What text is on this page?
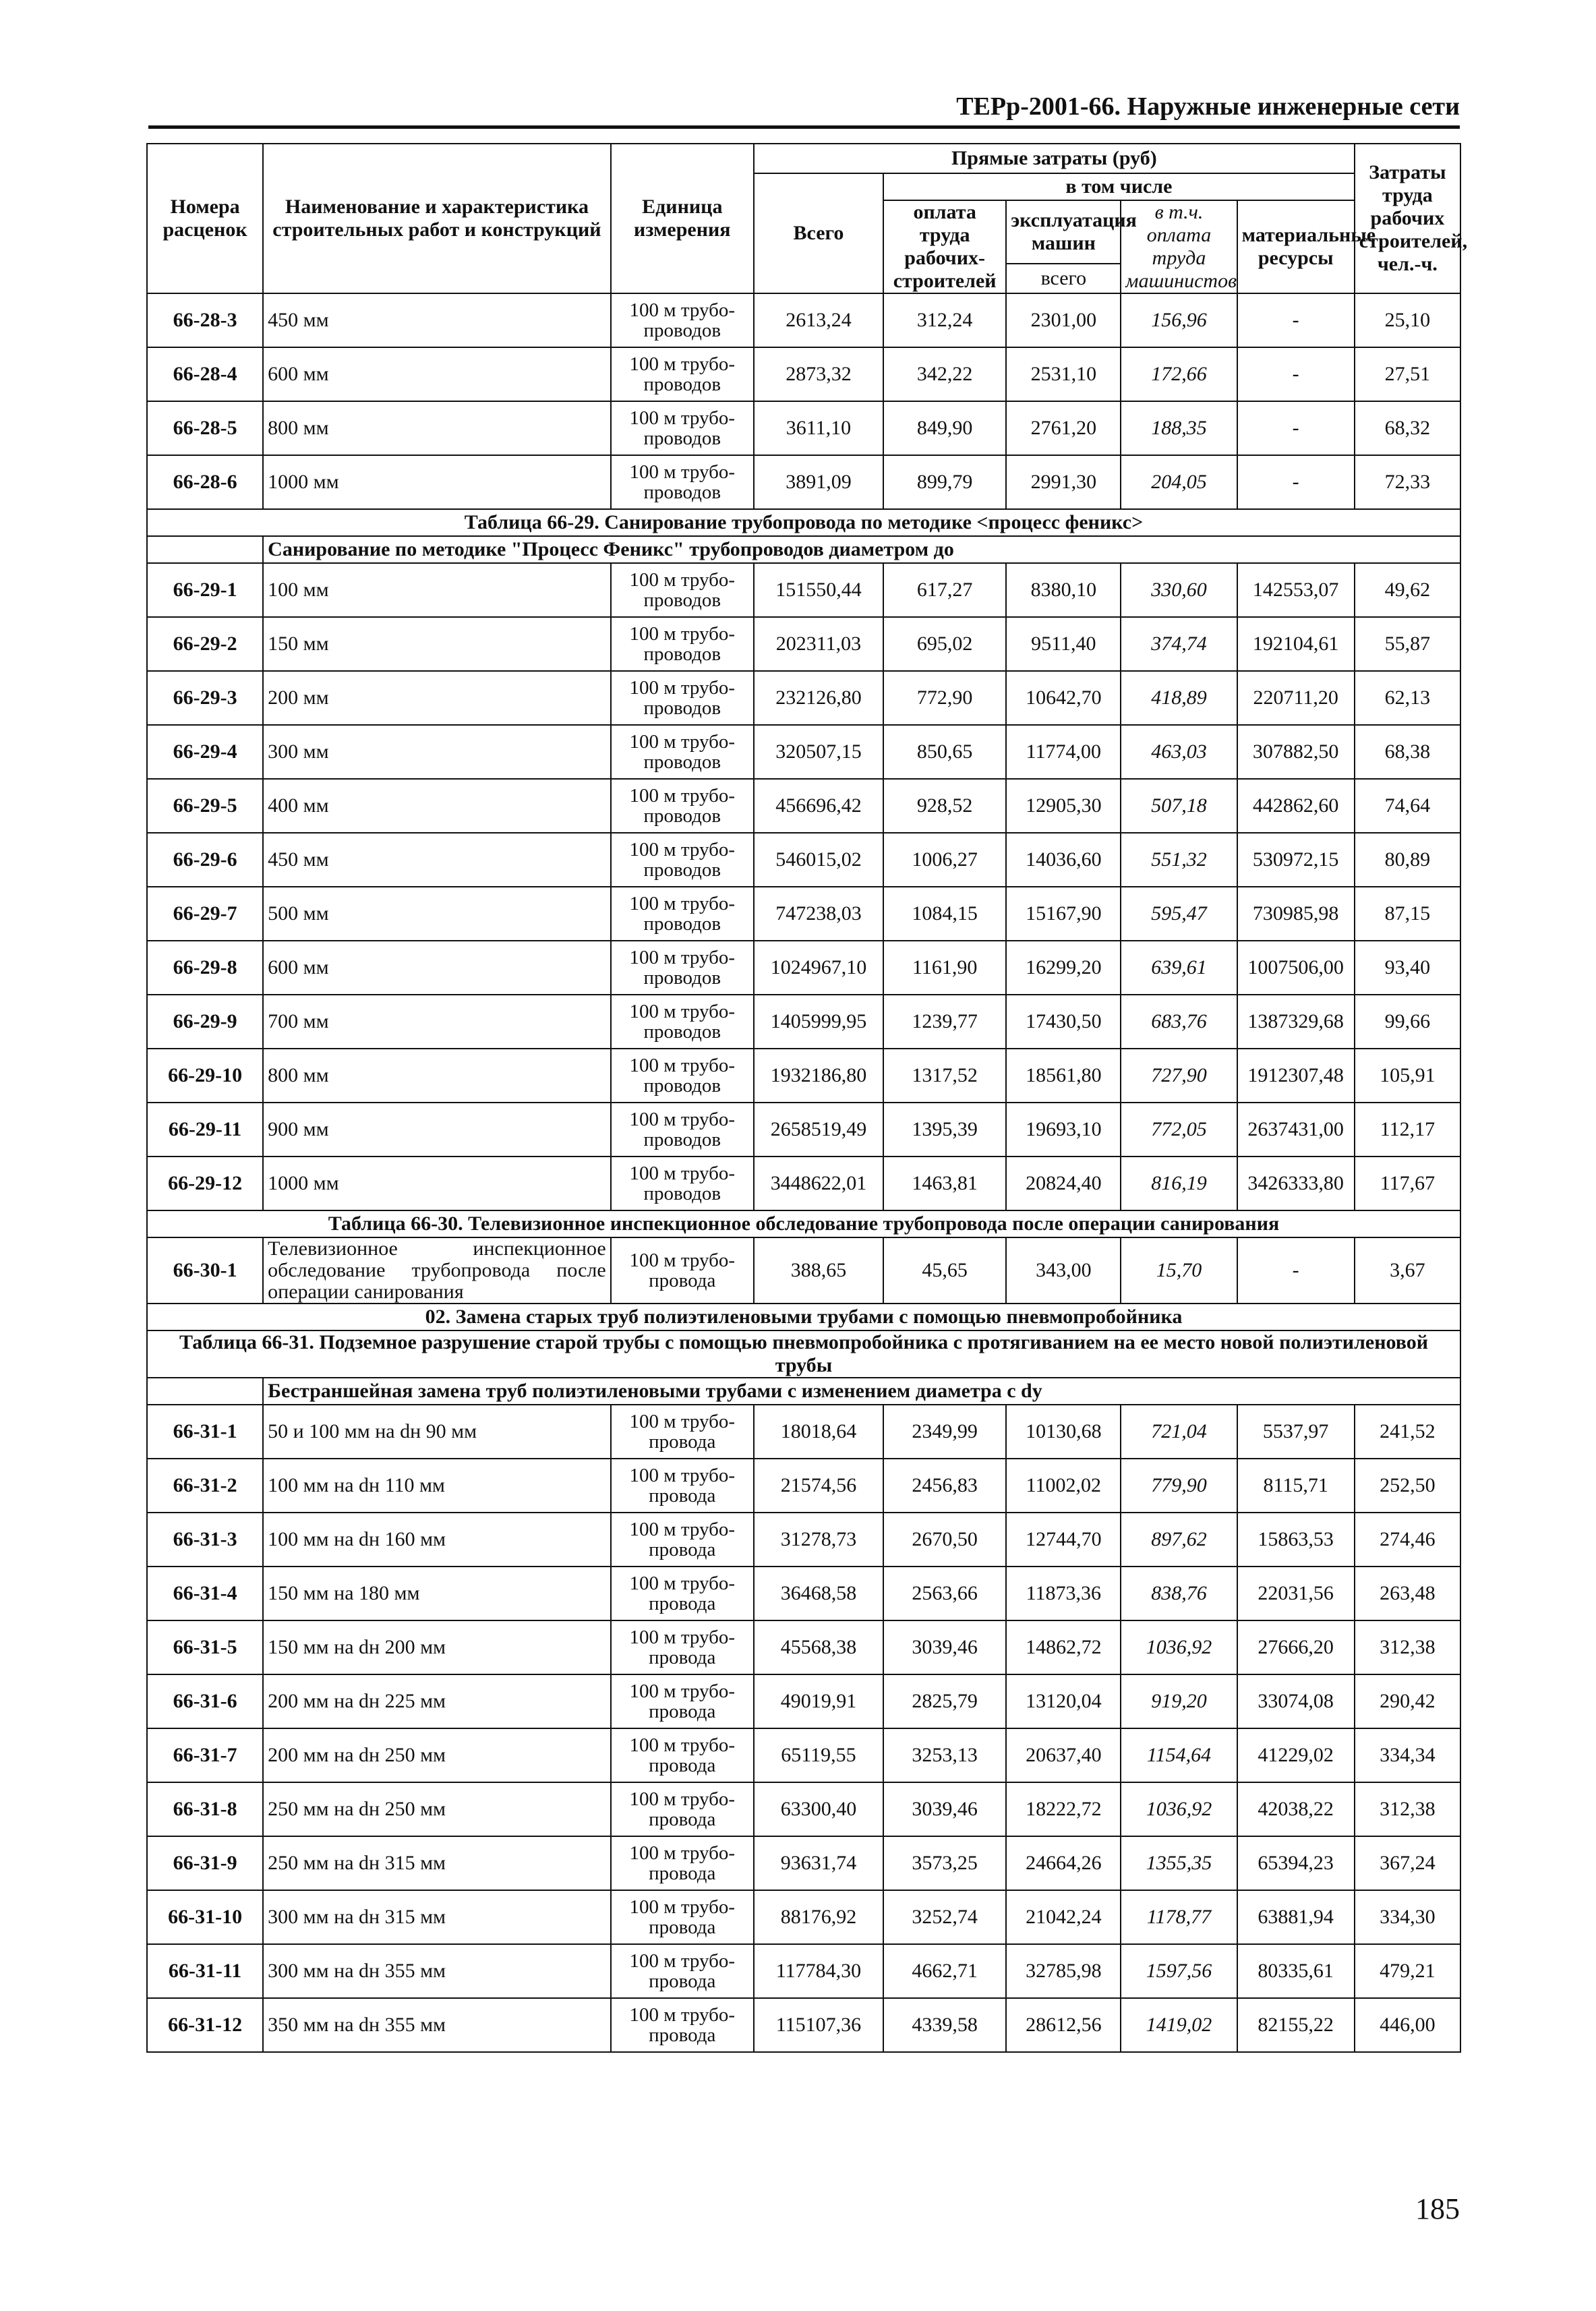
ТЕРр-2001-66. Наружные инженерные сети
Номера расценок	Наименование и характеристика строительных работ и конструкций	Единица измерения	Прямые затраты (руб)					Затраты труда рабочих строителей, чел.-ч.
			Всего	в том числе				
				оплата труда рабочих-строителей	эксплуатация машин	в т.ч. оплата труда машинистов	материальные ресурсы	
					всего			
66-28-3	450 мм	100 м трубо- проводов	2613,24	312,24	2301,00	156,96	-	25,10
66-28-4	600 мм	100 м трубо- проводов	2873,32	342,22	2531,10	172,66	-	27,51
66-28-5	800 мм	100 м трубо- проводов	3611,10	849,90	2761,20	188,35	-	68,32
66-28-6	1000 мм	100 м трубо- проводов	3891,09	899,79	2991,30	204,05	-	72,33
Таблица 66-29. Санирование трубопровода по методике <процесс феникс>								
	Санирование по методике "Процесс Феникс" трубопроводов диаметром до							
66-29-1	100 мм	100 м трубо- проводов	151550,44	617,27	8380,10	330,60	142553,07	49,62
66-29-2	150 мм	100 м трубо- проводов	202311,03	695,02	9511,40	374,74	192104,61	55,87
66-29-3	200 мм	100 м трубо- проводов	232126,80	772,90	10642,70	418,89	220711,20	62,13
66-29-4	300 мм	100 м трубо- проводов	320507,15	850,65	11774,00	463,03	307882,50	68,38
66-29-5	400 мм	100 м трубо- проводов	456696,42	928,52	12905,30	507,18	442862,60	74,64
66-29-6	450 мм	100 м трубо- проводов	546015,02	1006,27	14036,60	551,32	530972,15	80,89
66-29-7	500 мм	100 м трубо- проводов	747238,03	1084,15	15167,90	595,47	730985,98	87,15
66-29-8	600 мм	100 м трубо- проводов	1024967,10	1161,90	16299,20	639,61	1007506,00	93,40
66-29-9	700 мм	100 м трубо- проводов	1405999,95	1239,77	17430,50	683,76	1387329,68	99,66
66-29-10	800 мм	100 м трубо- проводов	1932186,80	1317,52	18561,80	727,90	1912307,48	105,91
66-29-11	900 мм	100 м трубо- проводов	2658519,49	1395,39	19693,10	772,05	2637431,00	112,17
66-29-12	1000 мм	100 м трубо- проводов	3448622,01	1463,81	20824,40	816,19	3426333,80	117,67
Таблица 66-30. Телевизионное инспекционное обследование трубопровода после операции санирования								
66-30-1	Телевизионное инспекционное обследование трубопровода после операции санирования	100 м трубо- провода	388,65	45,65	343,00	15,70	-	3,67
02. Замена старых труб полиэтиленовыми трубами с помощью пневмопробойника								
Таблица 66-31. Подземное разрушение старой трубы с помощью пневмопробойника с протягиванием на ее место новой полиэтиленовой трубы								
	Бестраншейная замена труб полиэтиленовыми трубами с изменением диаметра с dу							
66-31-1	50 и 100 мм на dн 90 мм	100 м трубо- провода	18018,64	2349,99	10130,68	721,04	5537,97	241,52
66-31-2	100 мм на dн 110 мм	100 м трубо- провода	21574,56	2456,83	11002,02	779,90	8115,71	252,50
66-31-3	100 мм на dн 160 мм	100 м трубо- провода	31278,73	2670,50	12744,70	897,62	15863,53	274,46
66-31-4	150 мм на 180 мм	100 м трубо- провода	36468,58	2563,66	11873,36	838,76	22031,56	263,48
66-31-5	150 мм на dн 200 мм	100 м трубо- провода	45568,38	3039,46	14862,72	1036,92	27666,20	312,38
66-31-6	200 мм на dн 225 мм	100 м трубо- провода	49019,91	2825,79	13120,04	919,20	33074,08	290,42
66-31-7	200 мм на dн 250 мм	100 м трубо- провода	65119,55	3253,13	20637,40	1154,64	41229,02	334,34
66-31-8	250 мм на dн 250 мм	100 м трубо- провода	63300,40	3039,46	18222,72	1036,92	42038,22	312,38
66-31-9	250 мм на dн 315 мм	100 м трубо- провода	93631,74	3573,25	24664,26	1355,35	65394,23	367,24
66-31-10	300 мм на dн 315 мм	100 м трубо- провода	88176,92	3252,74	21042,24	1178,77	63881,94	334,30
66-31-11	300 мм на dн 355 мм	100 м трубо- провода	117784,30	4662,71	32785,98	1597,56	80335,61	479,21
66-31-12	350 мм на dн 355 мм	100 м трубо- провода	115107,36	4339,58	28612,56	1419,02	82155,22	446,00
185
